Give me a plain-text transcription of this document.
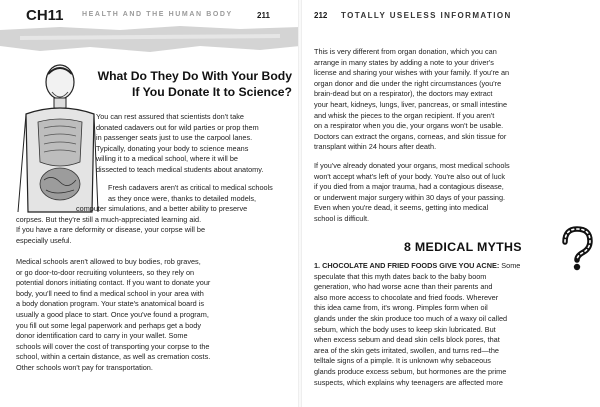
CH11	HEALTH AND THE HUMAN BODY	211
What Do They Do With Your Body
If You Donate It to Science?

You can rest assured that scientists don't take

donated cadavers out for wild parties or prop them

in passenger seats just to use the carpool lanes.

Typically, donating your body to science means

willing it to a medical school, where it will be

dissected to teach medical students about anatomy.

Fresh cadavers aren't as critical to medical schools

as they once were, thanks to detailed models,

computer simulations, and a better ability to preserve

corpses. But they're still a much-appreciated learning aid.

If you have a rare deformity or disease, your corpse will be

especially useful.

Medical schools aren't allowed to buy bodies, rob graves,

or go door-to-door recruiting volunteers, so they rely on

potential donors initiating contact. If you want to donate your

body, you'll need to find a medical school in your area with

a body donation program. Your state's anatomical board is

usually a good place to start. Once you've found a program,

you fill out some legal paperwork and perhaps get a body

donor identification card to carry in your wallet. Some

schools will cover the cost of transporting your corpse to the

school, within a certain distance, as well as cremation costs.

Other schools won't pay for transportation.

212 TOTALLY USELESS INFORMATION

This is very different from organ donation, which you can

arrange in many states by adding a note to your driver's

license and sharing your wishes with your family. If you're an

organ donor and die under the right circumstances (you're

brain-dead but on a respirator), the doctors may extract

your heart, kidneys, lungs, liver, pancreas, or small intestine

and whisk the pieces to the organ recipient. If you aren't

on a respirator when you die, your organs won't be usable.

Doctors can extract the organs, corneas, and skin tissue for

transplant within 24 hours after death.

If you've already donated your organs, most medical schools

won't accept what's left of your body. You're also out of luck

if you died from a major trauma, had a contagious disease,

or underwent major surgery within 30 days of your passing.

Even when you're dead, it seems, getting into medical

school is difficult.

8 MEDICAL MYTHS

1. CHOCOLATE AND FRIED FOODS GIVE YOU ACNE: Some

speculate that this myth dates back to the baby boom

generation, who had worse acne than their parents and

also more access to chocolate and fried foods. Wherever

this idea came from, it's wrong. Pimples form when oil

glands under the skin produce too much of a waxy oil called

sebum, which the body uses to keep skin lubricated. But

when excess sebum and dead skin cells block pores, that

area of the skin gets irritated, swollen, and turns red—the

telltale signs of a pimple. It is unknown why sebaceous

glands produce excess sebum, but hormones are the prime

suspects, which explains why teenagers are affected more
